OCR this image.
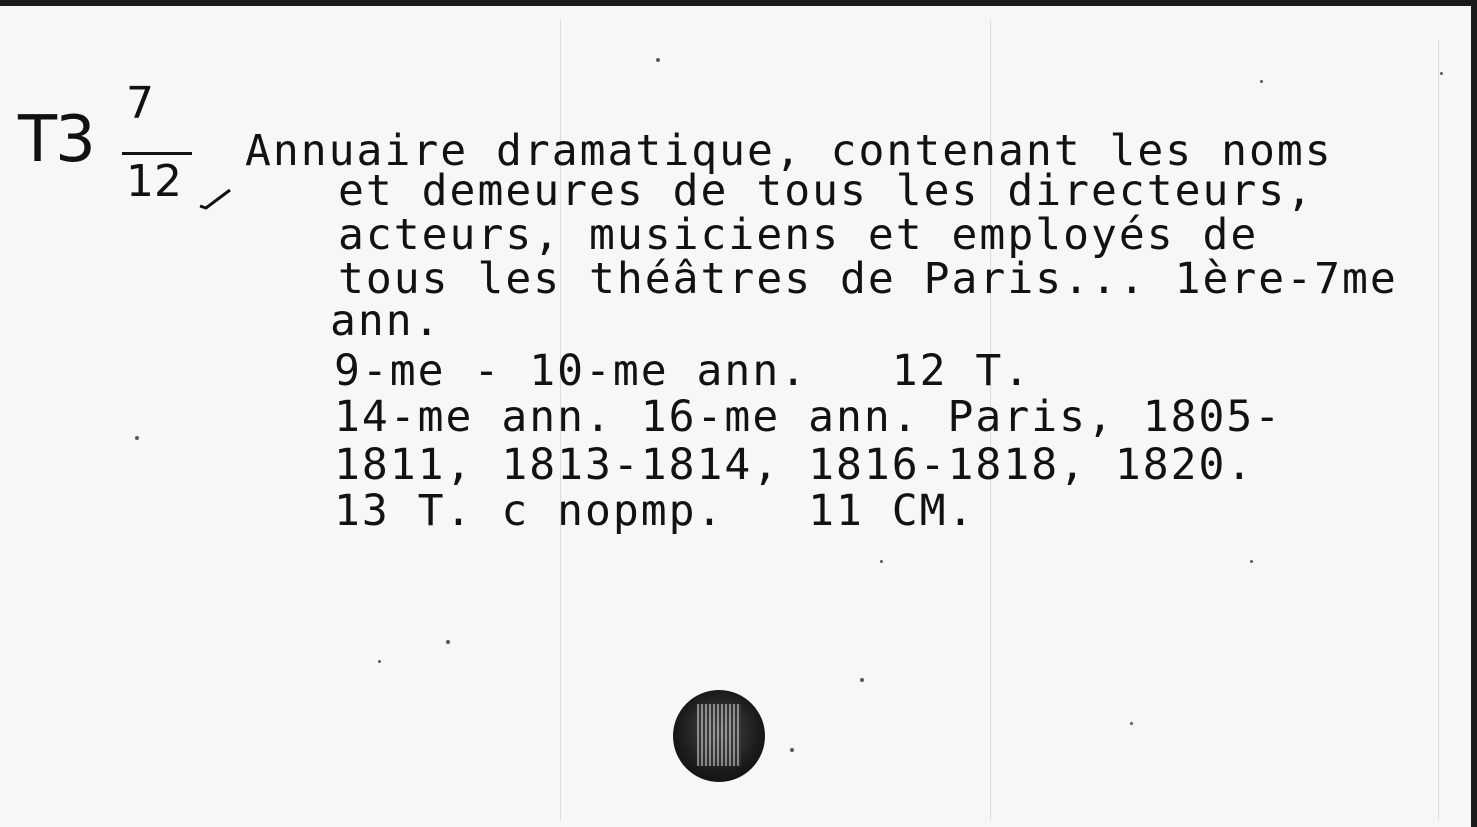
T3 7
12
Annuaire dramatique, contenant les noms
et demeures de tous les directeurs,
acteurs, musiciens et employés de
tous les théâtres de Paris... 1ère-7me
ann.
9-me - 10-me ann.   12 T.
14-me ann. 16-me ann. Paris, 1805-
1811, 1813-1814, 1816-1818, 1820.
13 T. c nopmp.   11 CM.
